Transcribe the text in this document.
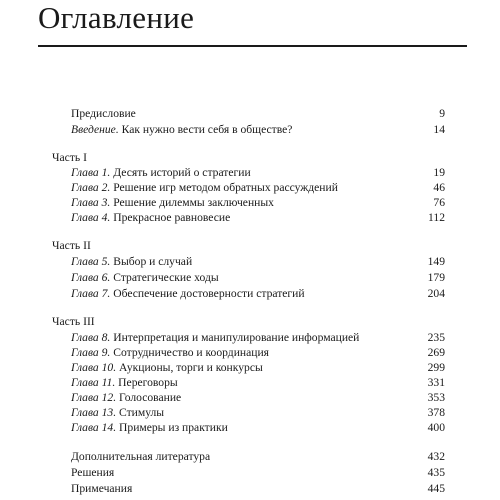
Оглавление
Предисловие	9
Введение. Как нужно вести себя в обществе?	14
Часть I
Глава 1. Десять историй о стратегии	19
Глава 2. Решение игр методом обратных рассуждений	46
Глава 3. Решение дилеммы заключенных	76
Глава 4. Прекрасное равновесие	112
Часть II
Глава 5. Выбор и случай	149
Глава 6. Стратегические ходы	179
Глава 7. Обеспечение достоверности стратегий	204
Часть III
Глава 8. Интерпретация и манипулирование информацией	235
Глава 9. Сотрудничество и координация	269
Глава 10. Аукционы, торги и конкурсы	299
Глава 11. Переговоры	331
Глава 12. Голосование	353
Глава 13. Стимулы	378
Глава 14. Примеры из практики	400
Дополнительная литература	432
Решения	435
Примечания	445
